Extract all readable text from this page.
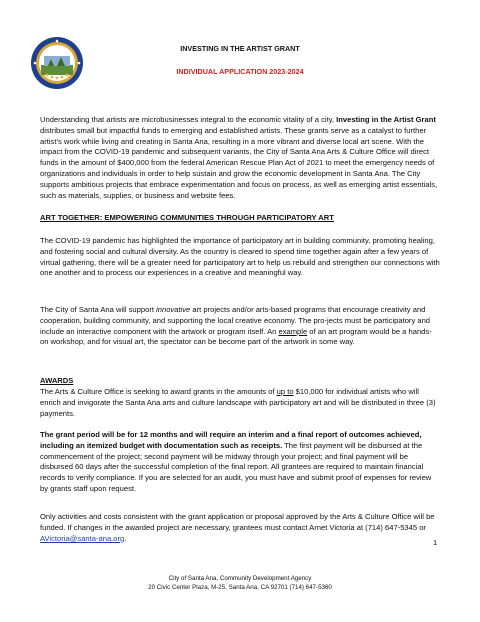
INVESTING IN THE ARTIST GRANT
INDIVIDUAL APPLICATION 2023-2024

Understanding that artists are microbusinesses integral to the economic vitality of a city, Investing in the Artist Grant distributes small but impactful funds to emerging and established artists. These grants serve as a catalyst to further artist’s work while living and creating in Santa Ana, resulting in a more vibrant and diverse local art scene. With the impact from the COVID-19 pandemic and subsequent variants, the City of Santa Ana Arts & Culture Office will direct funds in the amount of $400,000 from the federal American Rescue Plan Act of 2021 to meet the emergency needs of organizations and individuals in order to help sustain and grow the economic development in Santa Ana. The City supports ambitious projects that embrace experimentation and focus on process, as well as emerging artist essentials, such as materials, supplies, or business and website fees.

ART TOGETHER: EMPOWERING COMMUNITIES THROUGH PARTICIPATORY ART

The COVID-19 pandemic has highlighted the importance of participatory art in building community, promoting healing, and fostering social and cultural diversity. As the country is cleared to spend time together again after a few years of virtual gathering, there will be a greater need for participatory art to help us rebuild and strengthen our connections with one another and to process our experiences in a creative and meaningful way.

The City of Santa Ana will support innovative art projects and/or arts-based programs that encourage creativity and cooperation, building community, and supporting the local creative economy. The pro-jects must be participatory and include an interactive component with the artwork or program itself. An example of an art program would be a hands-on workshop, and for visual art, the spectator can be become part of the artwork in some way.

AWARDS

The Arts & Culture Office is seeking to award grants in the amounts of up to $10,000 for individual artists who will enrich and invigorate the Santa Ana arts and culture landscape with participatory art and will be distributed in three (3) payments.

The grant period will be for 12 months and will require an interim and a final report of outcomes achieved, including an itemized budget with documentation such as receipts. The first payment will be disbursed at the commencement of the project; second payment will be midway through your project; and final payment will be disbursed 60 days after the successful completion of the final report. All grantees are required to maintain financial records to verify compliance. If you are selected for an audit, you must have and submit proof of expenses for review by grants staff upon request.

Only activities and costs consistent with the grant application or proposal approved by the Arts & Culture Office will be funded. If changes in the awarded project are necessary, grantees must contact Arnet Victoria at (714) 647-5345 or AVictoria@santa-ana.org.	1
City of Santa Ana, Community Development Agency
20 Civic Center Plaza, M-25, Santa Ana, CA 92701 (714) 647-5360
